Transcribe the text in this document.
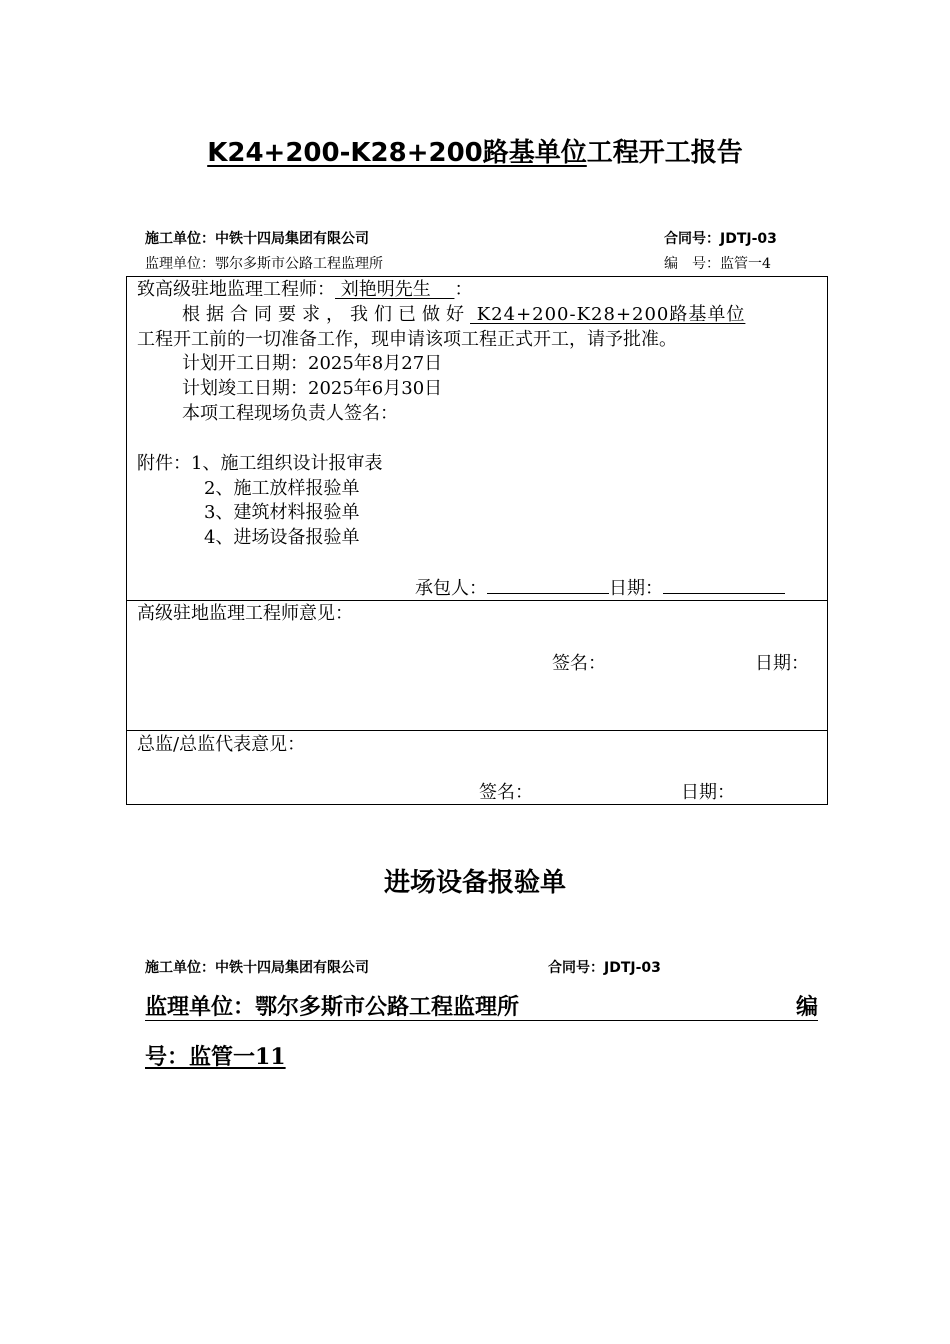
K24+200-K28+200路基单位工程开工报告
施工单位：中铁十四局集团有限公司	合同号：JDTJ-03
监理单位：鄂尔多斯市公路工程监理所	编　号：监管一4
致高级驻地监理工程师： 刘艳明先生　 ：
根据合同要求，我们已做好 K24+200-K28+200路基单位
工程开工前的一切准备工作，现申请该项工程正式开工，请予批准。
计划开工日期：2025年8月27日
计划竣工日期：2025年6月30日
本项工程现场负责人签名：
附件：1、施工组织设计报审表
2、施工放样报验单
3、建筑材料报验单
4、进场设备报验单
承包人：	日期：

高级驻地监理工程师意见：
签名：	日期：

总监/总监代表意见：
签名：	日期：
进场设备报验单
施工单位：中铁十四局集团有限公司	合同号：JDTJ-03
监理单位：鄂尔多斯市公路工程监理所	编
号：监管一11
